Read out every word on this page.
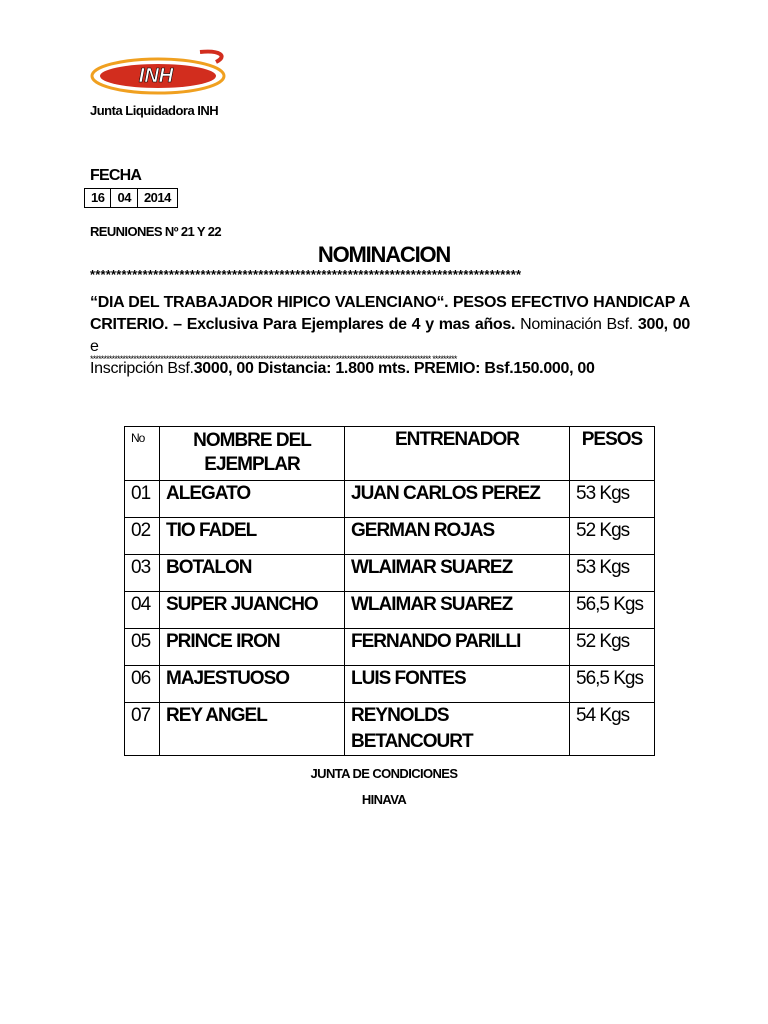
INH
Junta Liquidadora INH
FECHA
16	04	2014
REUNIONES Nº 21 Y 22
NOMINACION
**********************************************************************************
“DIA DEL TRABAJADOR HIPICO VALENCIANO“. PESOS EFECTIVO HANDICAP A
CRITERIO. – Exclusiva Para Ejemplares de 4 y mas años. Nominación Bsf. 300, 00 e
Inscripción Bsf.3000, 00 Distancia: 1.800 mts. PREMIO: Bsf.150.000, 00
****************************************************************************************************************************** *********
No	NOMBRE DEL EJEMPLAR	ENTRENADOR	PESOS
01	ALEGATO	JUAN CARLOS PEREZ	53 Kgs
02	TIO FADEL	GERMAN ROJAS	52 Kgs
03	BOTALON	WLAIMAR SUAREZ	53 Kgs
04	SUPER JUANCHO	WLAIMAR SUAREZ	56,5 Kgs
05	PRINCE IRON	FERNANDO PARILLI	52 Kgs
06	MAJESTUOSO	LUIS FONTES	56,5 Kgs
07	REY ANGEL	REYNOLDS BETANCOURT	54 Kgs
JUNTA DE CONDICIONES
HINAVA
